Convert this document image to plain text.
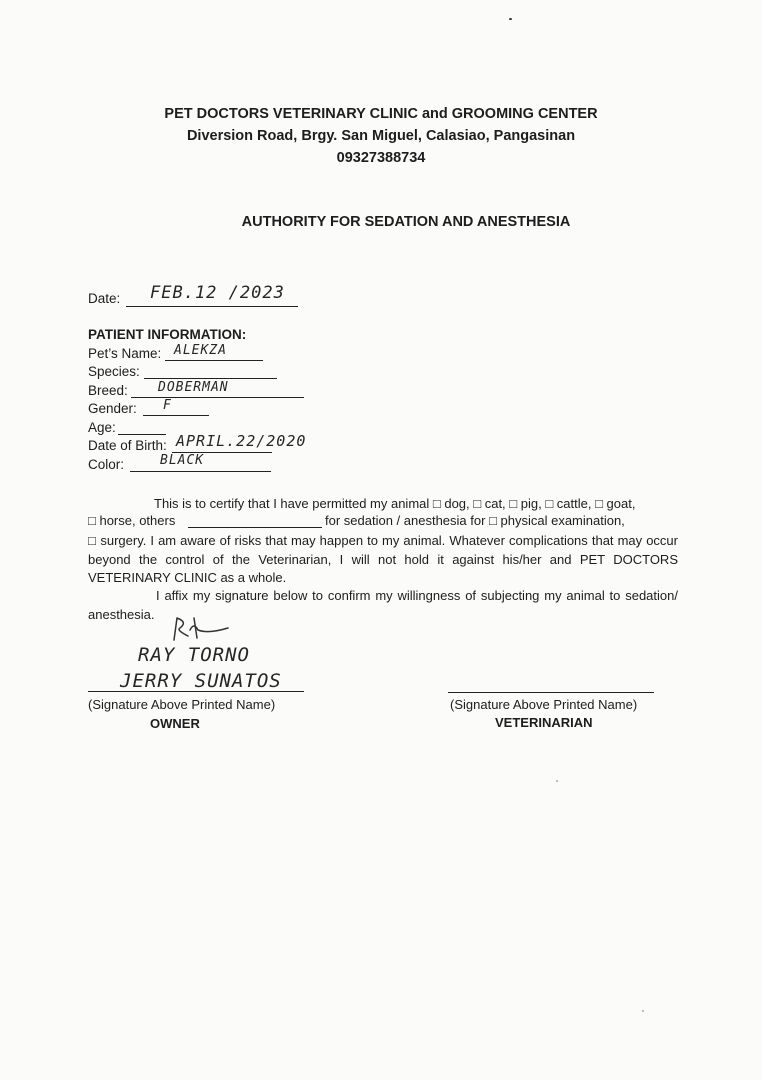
PET DOCTORS VETERINARY CLINIC and GROOMING CENTER
Diversion Road, Brgy. San Miguel, Calasiao, Pangasinan
09327388734
AUTHORITY FOR SEDATION AND ANESTHESIA
Date: FEB.12 /2023
PATIENT INFORMATION:
Pet’s Name: ALEKZA
Species:
Breed: DOBERMAN
Gender: F
Age:
Date of Birth: APRIL.22/2020
Color:	BLACK
This is to certify that I have permitted my animal □ dog, □ cat, □ pig, □ cattle, □ goat,
□ horse, others	for sedation / anesthesia for □ physical examination,
□ surgery. I am aware of risks that may happen to my animal. Whatever complications that may occur beyond the control of the Veterinarian, I will not hold it against his/her and PET DOCTORS VETERINARY CLINIC as a whole.
I affix my signature below to confirm my willingness of subjecting my animal to sedation/ anesthesia.
RAY TORNO
JERRY SUNATOS
(Signature Above Printed Name)
OWNER
(Signature Above Printed Name)
VETERINARIAN
